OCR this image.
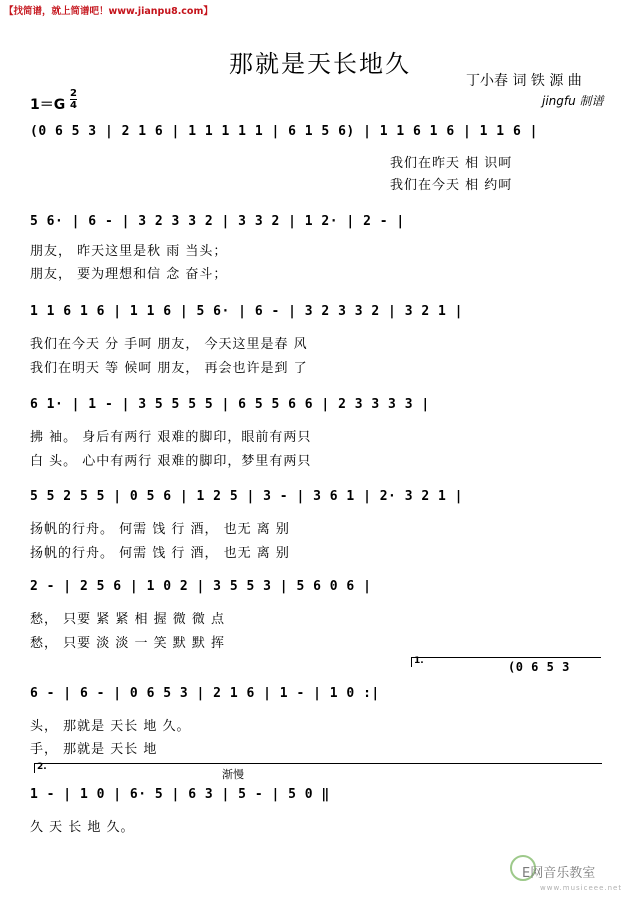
【找简谱，就上简谱吧！www.jianpu8.com】
那就是天长地久
丁小春 词 铁 源 曲
jingfu 制谱
1＝G
2
4
(0 6 5 3 | 2 1 6 | 1 1 1 1 1 | 6 1 5 6) | 1 1 6 1 6 | 1 1 6 |
我们在昨天 相 识呵
我们在今天 相 约呵
5 6· | 6 - | 3 2 3 3 2 | 3 3 2 | 1 2· | 2 - |
朋友， 昨天这里是秋 雨 当头；
朋友， 要为理想和信 念 奋斗；
1 1 6 1 6 | 1 1 6 | 5 6· | 6 - | 3 2 3 3 2 | 3 2 1 |
我们在今天 分 手呵 朋友， 今天这里是春 风
我们在明天 等 候呵 朋友， 再会也许是到 了
6 1· | 1 - | 3 5 5 5 5 | 6 5 5 6 6 | 2 3 3 3 3 |
拂 袖。 身后有两行 艰难的脚印，眼前有两只
白 头。 心中有两行 艰难的脚印，梦里有两只
5 5 2 5 5 | 0 5 6 | 1 2 5 | 3 - | 3 6 1 | 2· 3 2 1 |
扬帆的行舟。 何需 饯 行 酒， 也无 离 别
扬帆的行舟。 何需 饯 行 酒， 也无 离 别
2 - | 2 5 6 | 1 0 2 | 3 5 5 3 | 5 6 0 6 |
愁， 只要 紧 紧 相 握 微 微 点
愁， 只要 淡 淡 一 笑 默 默 挥
1.	(0 6 5 3
6 - | 6 - | 0 6 5 3 | 2 1 6 | 1 - | 1 0 :|
头， 那就是 天长 地 久。
手， 那就是 天长 地
2.
渐慢
1 - | 1 0 | 6· 5 | 6 3 | 5 - | 5 0 ‖
久 天 长 地 久。
E网音乐教室
www.musiceee.net
